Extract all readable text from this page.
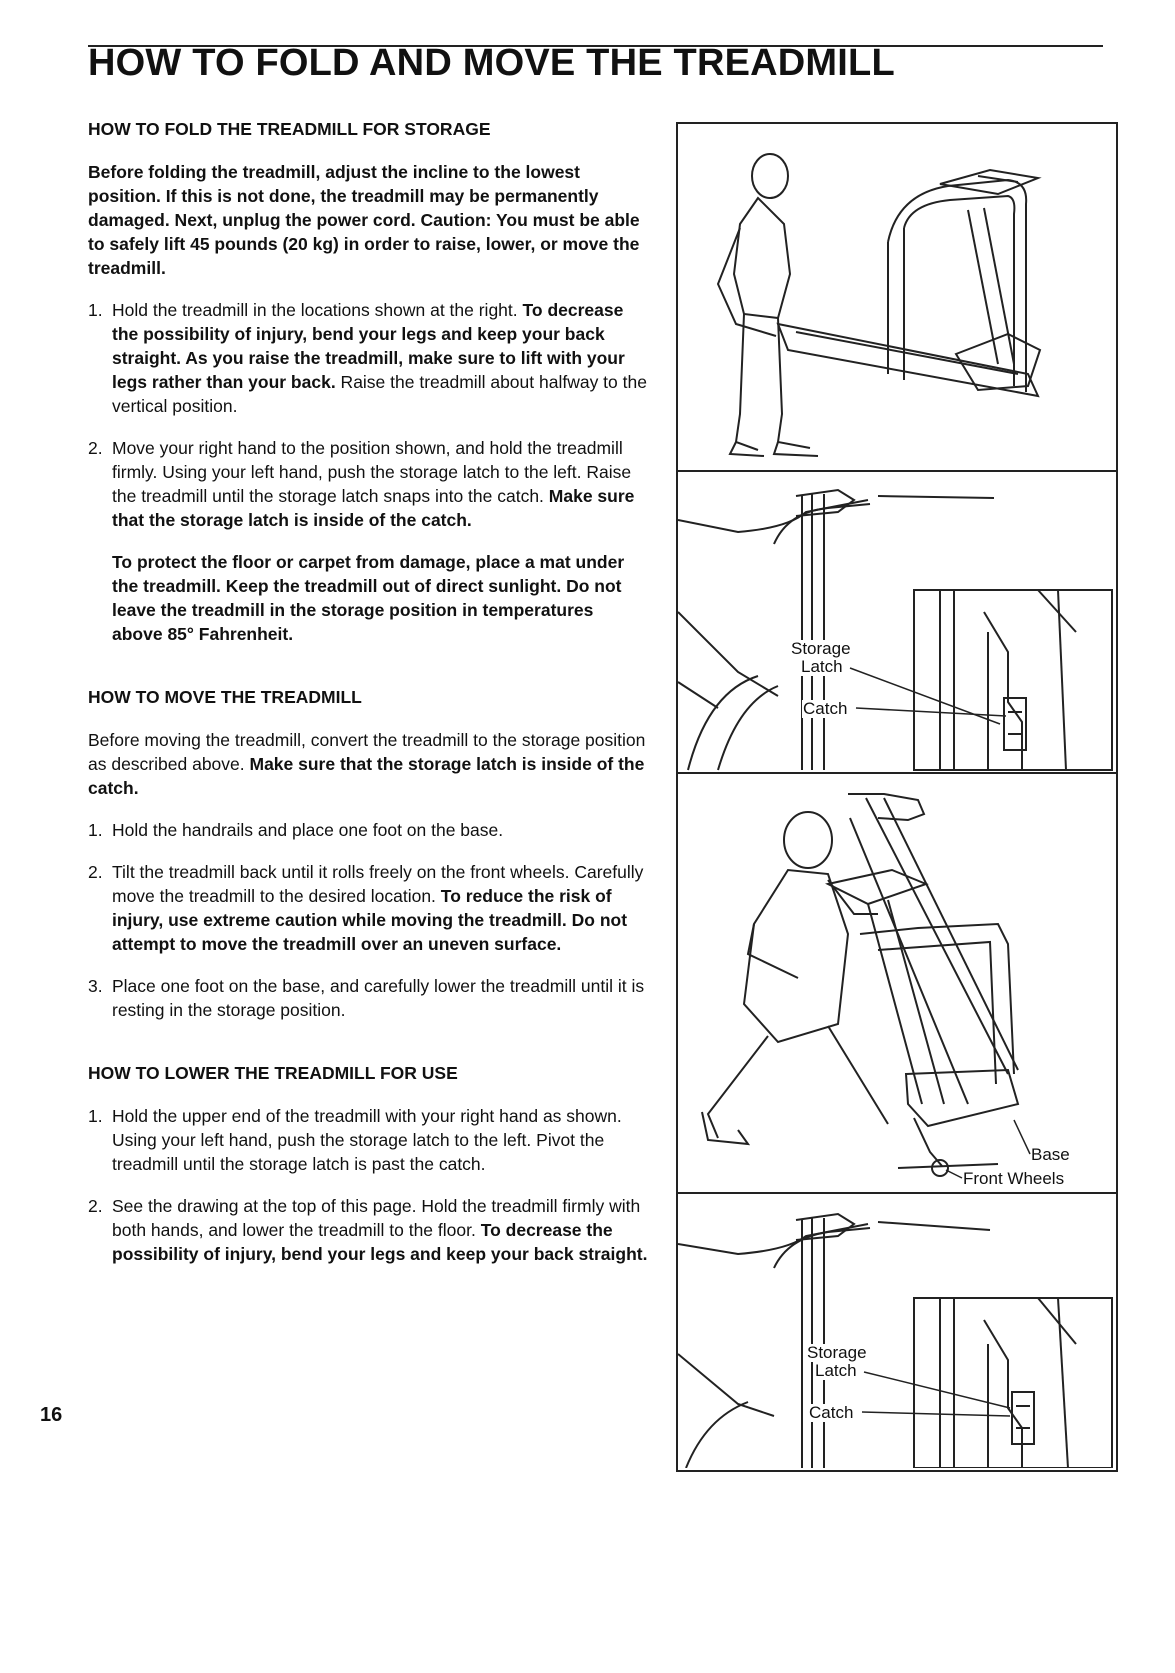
HOW TO FOLD AND MOVE THE TREADMILL
HOW TO FOLD THE TREADMILL FOR STORAGE

Before folding the treadmill, adjust the incline to the lowest position. If this is not done, the treadmill may be permanently damaged. Next, unplug the power cord. Caution: You must be able to safely lift 45 pounds (20 kg) in order to raise, lower, or move the treadmill.

1. Hold the treadmill in the locations shown at the right. To decrease the possibility of injury, bend your legs and keep your back straight. As you raise the treadmill, make sure to lift with your legs rather than your back. Raise the treadmill about halfway to the vertical position.
2. Move your right hand to the position shown, and hold the treadmill firmly. Using your left hand, push the storage latch to the left. Raise the treadmill until the storage latch snaps into the catch. Make sure that the storage latch is inside of the catch.

To protect the floor or carpet from damage, place a mat under the treadmill. Keep the treadmill out of direct sunlight. Do not leave the treadmill in the storage position in temperatures above 85° Fahrenheit.

HOW TO MOVE THE TREADMILL

Before moving the treadmill, convert the treadmill to the storage position as described above. Make sure that the storage latch is inside of the catch.

1. Hold the handrails and place one foot on the base.
2. Tilt the treadmill back until it rolls freely on the front wheels. Carefully move the treadmill to the desired location. To reduce the risk of injury, use extreme caution while moving the treadmill. Do not attempt to move the treadmill over an uneven surface.
3. Place one foot on the base, and carefully lower the treadmill until it is resting in the storage position.
HOW TO LOWER THE TREADMILL FOR USE
1. Hold the upper end of the treadmill with your right hand as shown. Using your left hand, push the storage latch to the left. Pivot the treadmill until the storage latch is past the catch.
2. See the drawing at the top of this page. Hold the treadmill firmly with both hands, and lower the treadmill to the floor. To decrease the possibility of injury, bend your legs and keep your back straight.
16
Storage
Latch
Catch
Base
Front Wheels
Storage
Latch
Catch
